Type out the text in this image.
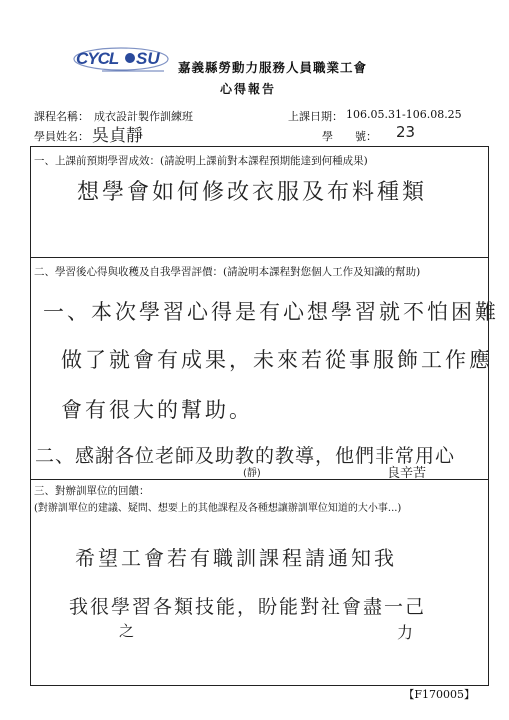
CYCL SU 嘉義縣勞動力服務人員職業工會
心得報告
課程名稱： 成衣設計製作訓練班	上課日期： 106.05.31-106.08.25
學員姓名： 吳貞靜	學　　號： 23
一、上課前預期學習成效：(請說明上課前對本課程預期能達到何種成果)
想學會如何修改衣服及布料種類
二、學習後心得與收穫及自我學習評價：(請說明本課程對您個人工作及知識的幫助)
一、本次學習心得是有心想學習就不怕困難
做了就會有成果，未來若從事服飾工作應
會有很大的幫助。
二、感謝各位老師及助教的教導，他們非常用心
(靜)	良辛苦
三、對辦訓單位的回饋：
(對辦訓單位的建議、疑問、想要上的其他課程及各種想讓辦訓單位知道的大小事...)
希望工會若有職訓課程請通知我
我很學習各類技能，盼能對社會盡一己
之	力
【F170005】
